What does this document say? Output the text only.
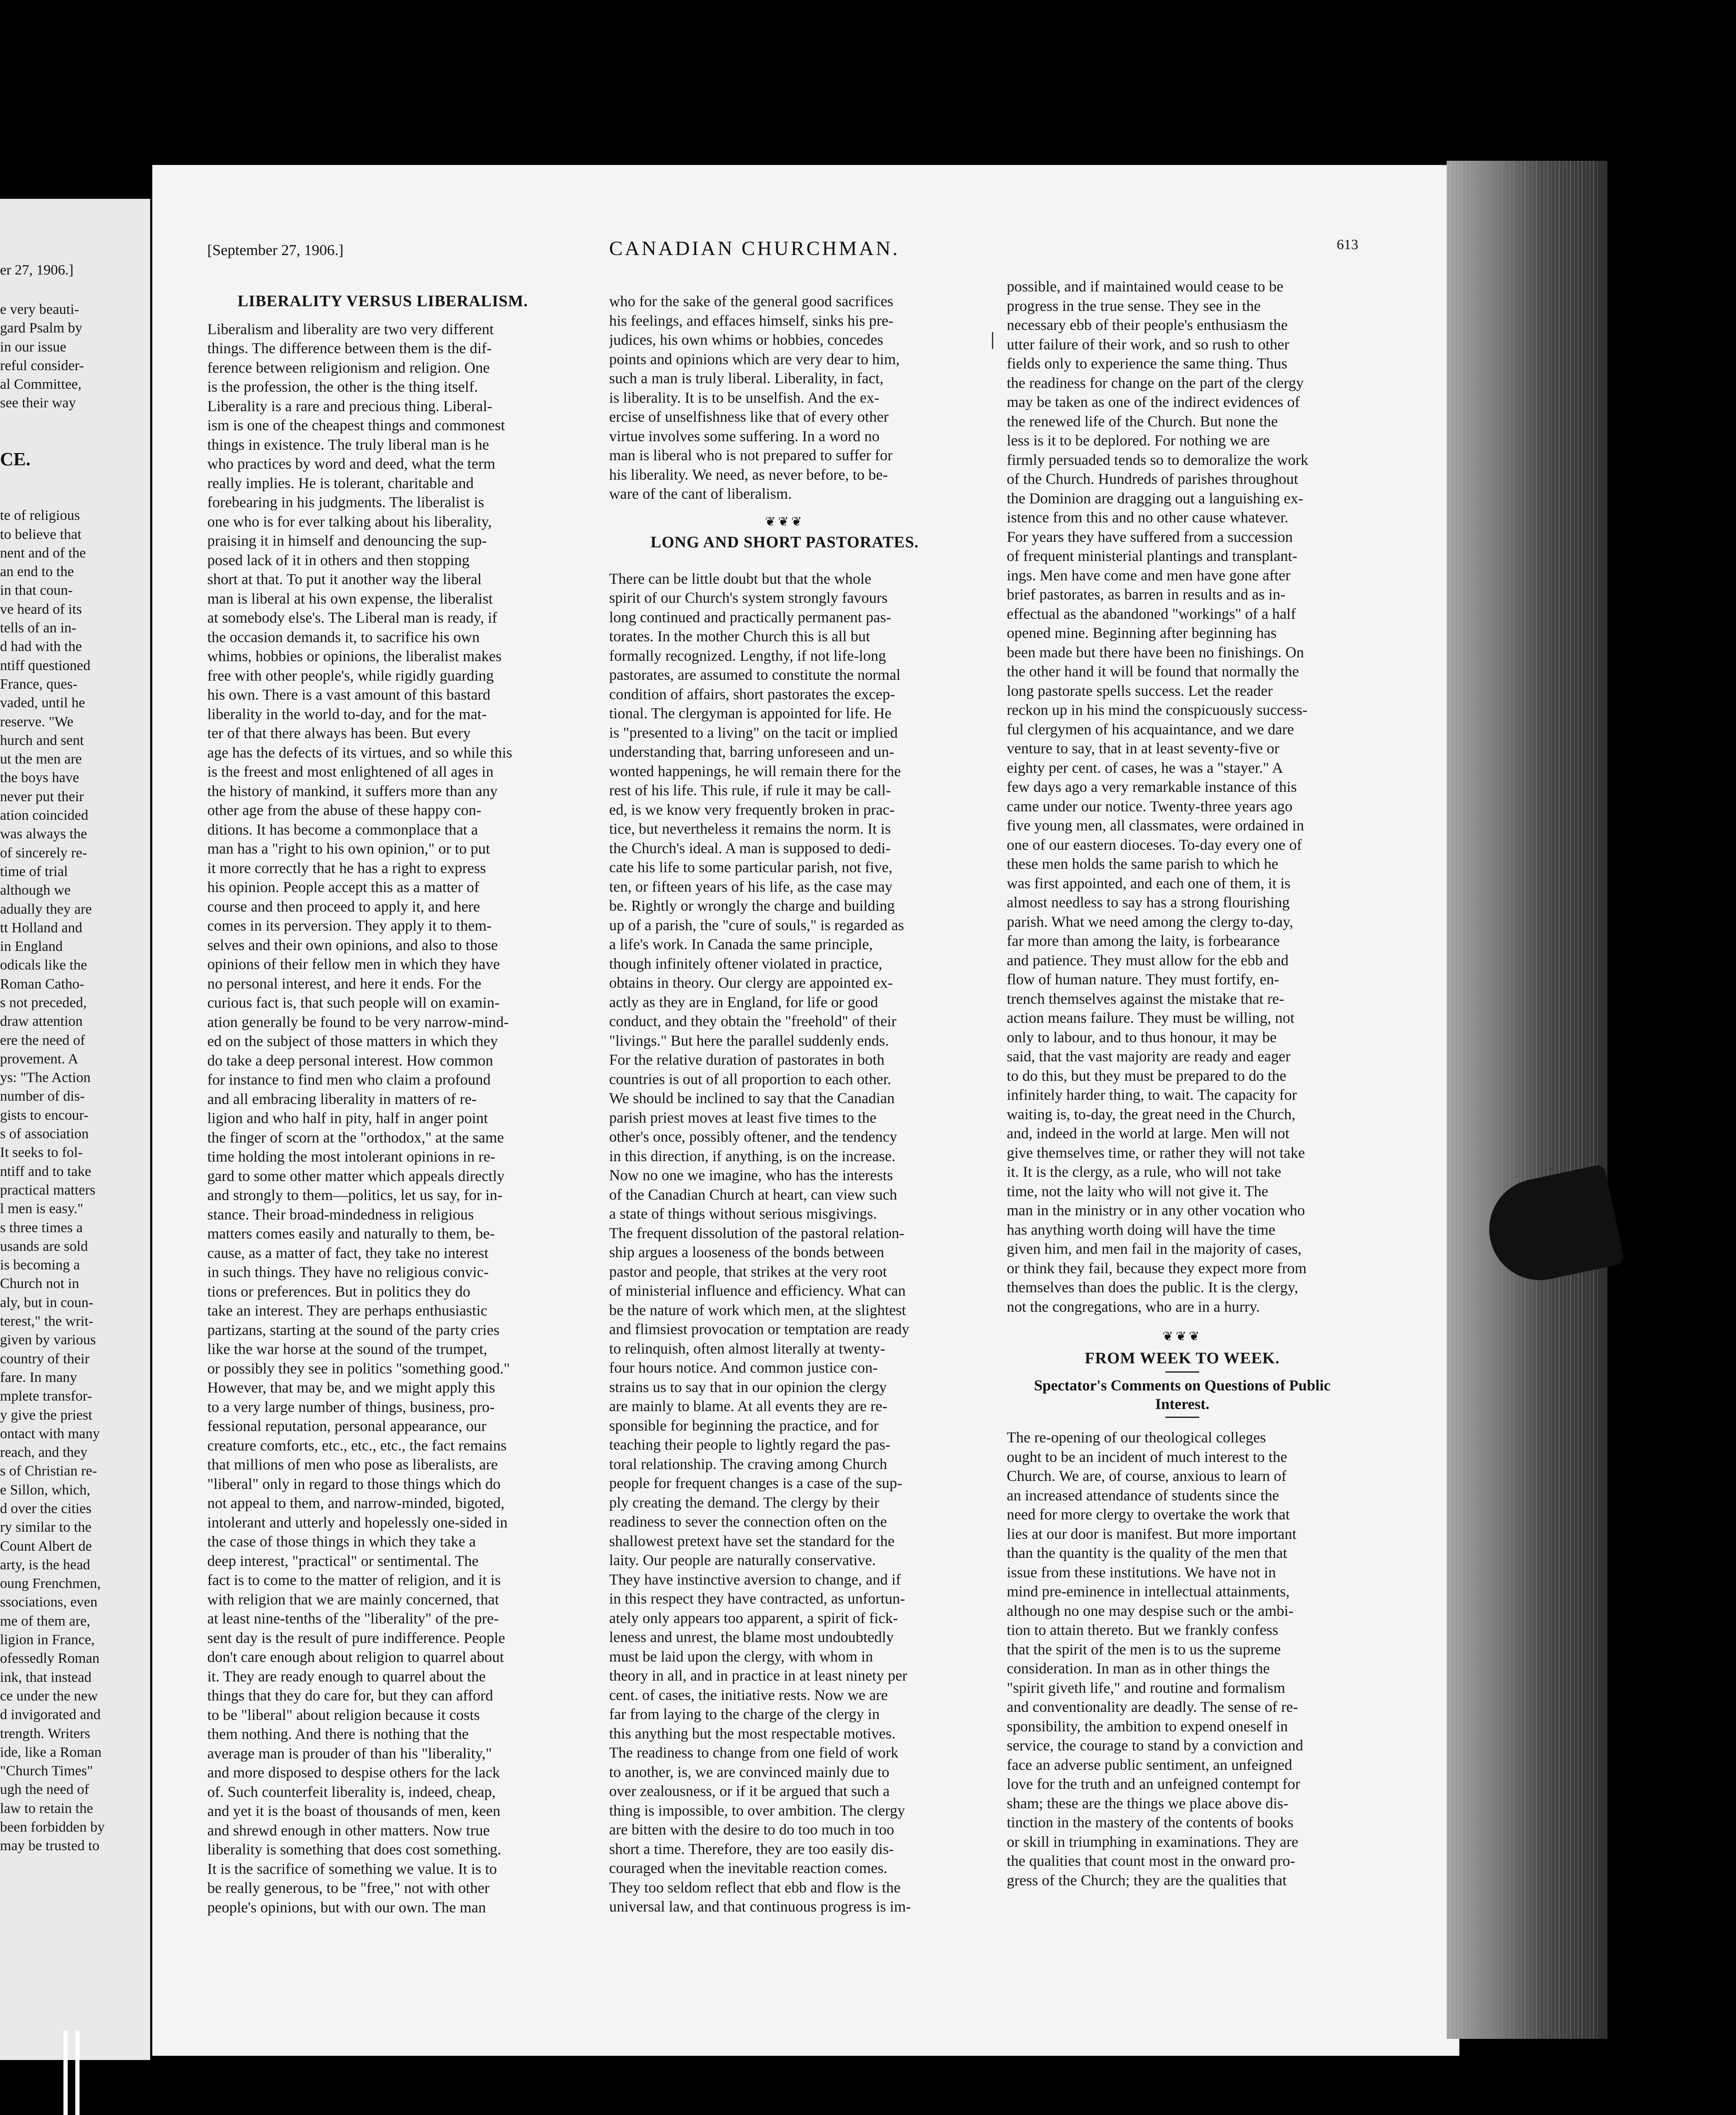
er 27, 1906.]
e very beauti-
gard Psalm by
in our issue
reful consider-
al Committee,
see their way
CE.
te of religious
to believe that
nent and of the
an end to the
in that coun-
ve heard of its
tells of an in-
d had with the
ntiff questioned
France, ques-
vaded, until he
reserve. "We
hurch and sent
ut the men are
the boys have
never put their
ation coincided
was always the
of sincerely re-
time of trial
although we
adually they are
tt Holland and
in England
odicals like the
Roman Catho-
s not preceded,
draw attention
ere the need of
provement. A
ys: "The Action
number of dis-
gists to encour-
s of association
It seeks to fol-
ntiff and to take
practical matters
l men is easy."
s three times a
usands are sold
is becoming a
Church not in
aly, but in coun-
terest," the writ-
given by various
country of their
fare. In many
mplete transfor-
y give the priest
ontact with many
reach, and they
s of Christian re-
e Sillon, which,
d over the cities
ry similar to the
Count Albert de
arty, is the head
oung Frenchmen,
ssociations, even
me of them are,
ligion in France,
ofessedly Roman
ink, that instead
ce under the new
d invigorated and
trength. Writers
ide, like a Roman
"Church Times"
ugh the need of
law to retain the
been forbidden by
may be trusted to
[September 27, 1906.]	CANADIAN CHURCHMAN.	613
LIBERALITY VERSUS LIBERALISM.
Liberalism and liberality are two very different
things. The difference between them is the dif-
ference between religionism and religion. One
is the profession, the other is the thing itself.
Liberality is a rare and precious thing. Liberal-
ism is one of the cheapest things and commonest
things in existence. The truly liberal man is he
who practices by word and deed, what the term
really implies. He is tolerant, charitable and
forebearing in his judgments. The liberalist is
one who is for ever talking about his liberality,
praising it in himself and denouncing the sup-
posed lack of it in others and then stopping
short at that. To put it another way the liberal
man is liberal at his own expense, the liberalist
at somebody else's. The Liberal man is ready, if
the occasion demands it, to sacrifice his own
whims, hobbies or opinions, the liberalist makes
free with other people's, while rigidly guarding
his own. There is a vast amount of this bastard
liberality in the world to-day, and for the mat-
ter of that there always has been. But every
age has the defects of its virtues, and so while this
is the freest and most enlightened of all ages in
the history of mankind, it suffers more than any
other age from the abuse of these happy con-
ditions. It has become a commonplace that a
man has a "right to his own opinion," or to put
it more correctly that he has a right to express
his opinion. People accept this as a matter of
course and then proceed to apply it, and here
comes in its perversion. They apply it to them-
selves and their own opinions, and also to those
opinions of their fellow men in which they have
no personal interest, and here it ends. For the
curious fact is, that such people will on examin-
ation generally be found to be very narrow-mind-
ed on the subject of those matters in which they
do take a deep personal interest. How common
for instance to find men who claim a profound
and all embracing liberality in matters of re-
ligion and who half in pity, half in anger point
the finger of scorn at the "orthodox," at the same
time holding the most intolerant opinions in re-
gard to some other matter which appeals directly
and strongly to them—politics, let us say, for in-
stance. Their broad-mindedness in religious
matters comes easily and naturally to them, be-
cause, as a matter of fact, they take no interest
in such things. They have no religious convic-
tions or preferences. But in politics they do
take an interest. They are perhaps enthusiastic
partizans, starting at the sound of the party cries
like the war horse at the sound of the trumpet,
or possibly they see in politics "something good."
However, that may be, and we might apply this
to a very large number of things, business, pro-
fessional reputation, personal appearance, our
creature comforts, etc., etc., etc., the fact remains
that millions of men who pose as liberalists, are
"liberal" only in regard to those things which do
not appeal to them, and narrow-minded, bigoted,
intolerant and utterly and hopelessly one-sided in
the case of those things in which they take a
deep interest, "practical" or sentimental. The
fact is to come to the matter of religion, and it is
with religion that we are mainly concerned, that
at least nine-tenths of the "liberality" of the pre-
sent day is the result of pure indifference. People
don't care enough about religion to quarrel about
it. They are ready enough to quarrel about the
things that they do care for, but they can afford
to be "liberal" about religion because it costs
them nothing. And there is nothing that the
average man is prouder of than his "liberality,"
and more disposed to despise others for the lack
of. Such counterfeit liberality is, indeed, cheap,
and yet it is the boast of thousands of men, keen
and shrewd enough in other matters. Now true
liberality is something that does cost something.
It is the sacrifice of something we value. It is to
be really generous, to be "free," not with other
people's opinions, but with our own. The man
who for the sake of the general good sacrifices
his feelings, and effaces himself, sinks his pre-
judices, his own whims or hobbies, concedes
points and opinions which are very dear to him,
such a man is truly liberal. Liberality, in fact,
is liberality. It is to be unselfish. And the ex-
ercise of unselfishness like that of every other
virtue involves some suffering. In a word no
man is liberal who is not prepared to suffer for
his liberality. We need, as never before, to be-
ware of the cant of liberalism.
❦❦❦
LONG AND SHORT PASTORATES.
There can be little doubt but that the whole
spirit of our Church's system strongly favours
long continued and practically permanent pas-
torates. In the mother Church this is all but
formally recognized. Lengthy, if not life-long
pastorates, are assumed to constitute the normal
condition of affairs, short pastorates the excep-
tional. The clergyman is appointed for life. He
is "presented to a living" on the tacit or implied
understanding that, barring unforeseen and un-
wonted happenings, he will remain there for the
rest of his life. This rule, if rule it may be call-
ed, is we know very frequently broken in prac-
tice, but nevertheless it remains the norm. It is
the Church's ideal. A man is supposed to dedi-
cate his life to some particular parish, not five,
ten, or fifteen years of his life, as the case may
be. Rightly or wrongly the charge and building
up of a parish, the "cure of souls," is regarded as
a life's work. In Canada the same principle,
though infinitely oftener violated in practice,
obtains in theory. Our clergy are appointed ex-
actly as they are in England, for life or good
conduct, and they obtain the "freehold" of their
"livings." But here the parallel suddenly ends.
For the relative duration of pastorates in both
countries is out of all proportion to each other.
We should be inclined to say that the Canadian
parish priest moves at least five times to the
other's once, possibly oftener, and the tendency
in this direction, if anything, is on the increase.
Now no one we imagine, who has the interests
of the Canadian Church at heart, can view such
a state of things without serious misgivings.
The frequent dissolution of the pastoral relation-
ship argues a looseness of the bonds between
pastor and people, that strikes at the very root
of ministerial influence and efficiency. What can
be the nature of work which men, at the slightest
and flimsiest provocation or temptation are ready
to relinquish, often almost literally at twenty-
four hours notice. And common justice con-
strains us to say that in our opinion the clergy
are mainly to blame. At all events they are re-
sponsible for beginning the practice, and for
teaching their people to lightly regard the pas-
toral relationship. The craving among Church
people for frequent changes is a case of the sup-
ply creating the demand. The clergy by their
readiness to sever the connection often on the
shallowest pretext have set the standard for the
laity. Our people are naturally conservative.
They have instinctive aversion to change, and if
in this respect they have contracted, as unfortun-
ately only appears too apparent, a spirit of fick-
leness and unrest, the blame most undoubtedly
must be laid upon the clergy, with whom in
theory in all, and in practice in at least ninety per
cent. of cases, the initiative rests. Now we are
far from laying to the charge of the clergy in
this anything but the most respectable motives.
The readiness to change from one field of work
to another, is, we are convinced mainly due to
over zealousness, or if it be argued that such a
thing is impossible, to over ambition. The clergy
are bitten with the desire to do too much in too
short a time. Therefore, they are too easily dis-
couraged when the inevitable reaction comes.
They too seldom reflect that ebb and flow is the
universal law, and that continuous progress is im-
possible, and if maintained would cease to be
progress in the true sense. They see in the
necessary ebb of their people's enthusiasm the
utter failure of their work, and so rush to other
fields only to experience the same thing. Thus
the readiness for change on the part of the clergy
may be taken as one of the indirect evidences of
the renewed life of the Church. But none the
less is it to be deplored. For nothing we are
firmly persuaded tends so to demoralize the work
of the Church. Hundreds of parishes throughout
the Dominion are dragging out a languishing ex-
istence from this and no other cause whatever.
For years they have suffered from a succession
of frequent ministerial plantings and transplant-
ings. Men have come and men have gone after
brief pastorates, as barren in results and as in-
effectual as the abandoned "workings" of a half
opened mine. Beginning after beginning has
been made but there have been no finishings. On
the other hand it will be found that normally the
long pastorate spells success. Let the reader
reckon up in his mind the conspicuously success-
ful clergymen of his acquaintance, and we dare
venture to say, that in at least seventy-five or
eighty per cent. of cases, he was a "stayer." A
few days ago a very remarkable instance of this
came under our notice. Twenty-three years ago
five young men, all classmates, were ordained in
one of our eastern dioceses. To-day every one of
these men holds the same parish to which he
was first appointed, and each one of them, it is
almost needless to say has a strong flourishing
parish. What we need among the clergy to-day,
far more than among the laity, is forbearance
and patience. They must allow for the ebb and
flow of human nature. They must fortify, en-
trench themselves against the mistake that re-
action means failure. They must be willing, not
only to labour, and to thus honour, it may be
said, that the vast majority are ready and eager
to do this, but they must be prepared to do the
infinitely harder thing, to wait. The capacity for
waiting is, to-day, the great need in the Church,
and, indeed in the world at large. Men will not
give themselves time, or rather they will not take
it. It is the clergy, as a rule, who will not take
time, not the laity who will not give it. The
man in the ministry or in any other vocation who
has anything worth doing will have the time
given him, and men fail in the majority of cases,
or think they fail, because they expect more from
themselves than does the public. It is the clergy,
not the congregations, who are in a hurry.
❦❦❦
FROM WEEK TO WEEK.
Spectator's Comments on Questions of Public
Interest.
The re-opening of our theological colleges
ought to be an incident of much interest to the
Church. We are, of course, anxious to learn of
an increased attendance of students since the
need for more clergy to overtake the work that
lies at our door is manifest. But more important
than the quantity is the quality of the men that
issue from these institutions. We have not in
mind pre-eminence in intellectual attainments,
although no one may despise such or the ambi-
tion to attain thereto. But we frankly confess
that the spirit of the men is to us the supreme
consideration. In man as in other things the
"spirit giveth life," and routine and formalism
and conventionality are deadly. The sense of re-
sponsibility, the ambition to expend oneself in
service, the courage to stand by a conviction and
face an adverse public sentiment, an unfeigned
love for the truth and an unfeigned contempt for
sham; these are the things we place above dis-
tinction in the mastery of the contents of books
or skill in triumphing in examinations. They are
the qualities that count most in the onward pro-
gress of the Church; they are the qualities that
